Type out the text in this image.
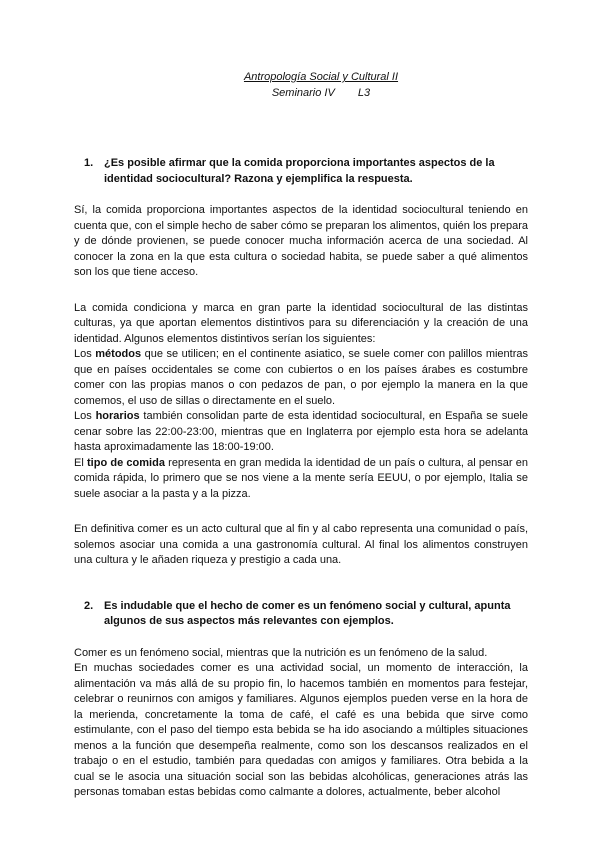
Antropología Social y Cultural II
Seminario IV L3
1. ¿Es posible afirmar que la comida proporciona importantes aspectos de la identidad sociocultural? Razona y ejemplifica la respuesta.

Sí, la comida proporciona importantes aspectos de la identidad sociocultural teniendo en cuenta que, con el simple hecho de saber cómo se preparan los alimentos, quién los prepara y de dónde provienen, se puede conocer mucha información acerca de una sociedad. Al conocer la zona en la que esta cultura o sociedad habita, se puede saber a qué alimentos son los que tiene acceso.

La comida condiciona y marca en gran parte la identidad sociocultural de las distintas culturas, ya que aportan elementos distintivos para su diferenciación y la creación de una identidad. Algunos elementos distintivos serían los siguientes:

Los métodos que se utilicen; en el continente asiatico, se suele comer con palillos mientras que en países occidentales se come con cubiertos o en los países árabes es costumbre comer con las propias manos o con pedazos de pan, o por ejemplo la manera en la que comemos, el uso de sillas o directamente en el suelo.

Los horarios también consolidan parte de esta identidad sociocultural, en España se suele cenar sobre las 22:00-23:00, mientras que en Inglaterra por ejemplo esta hora se adelanta hasta aproximadamente las 18:00-19:00.

El tipo de comida representa en gran medida la identidad de un país o cultura, al pensar en comida rápida, lo primero que se nos viene a la mente sería EEUU, o por ejemplo, Italia se suele asociar a la pasta y a la pizza.

En definitiva comer es un acto cultural que al fin y al cabo representa una comunidad o país, solemos asociar una comida a una gastronomía cultural. Al final los alimentos construyen una cultura y le añaden riqueza y prestigio a cada una.

2. Es indudable que el hecho de comer es un fenómeno social y cultural, apunta algunos de sus aspectos más relevantes con ejemplos.

Comer es un fenómeno social, mientras que la nutrición es un fenómeno de la salud.

En muchas sociedades comer es una actividad social, un momento de interacción, la alimentación va más allá de su propio fin, lo hacemos también en momentos para festejar, celebrar o reunirnos con amigos y familiares. Algunos ejemplos pueden verse en la hora de la merienda, concretamente la toma de café, el café es una bebida que sirve como estimulante, con el paso del tiempo esta bebida se ha ido asociando a múltiples situaciones menos a la función que desempeña realmente, como son los descansos realizados en el trabajo o en el estudio, también para quedadas con amigos y familiares. Otra bebida a la cual se le asocia una situación social son las bebidas alcohólicas, generaciones atrás las personas tomaban estas bebidas como calmante a dolores, actualmente, beber alcohol
